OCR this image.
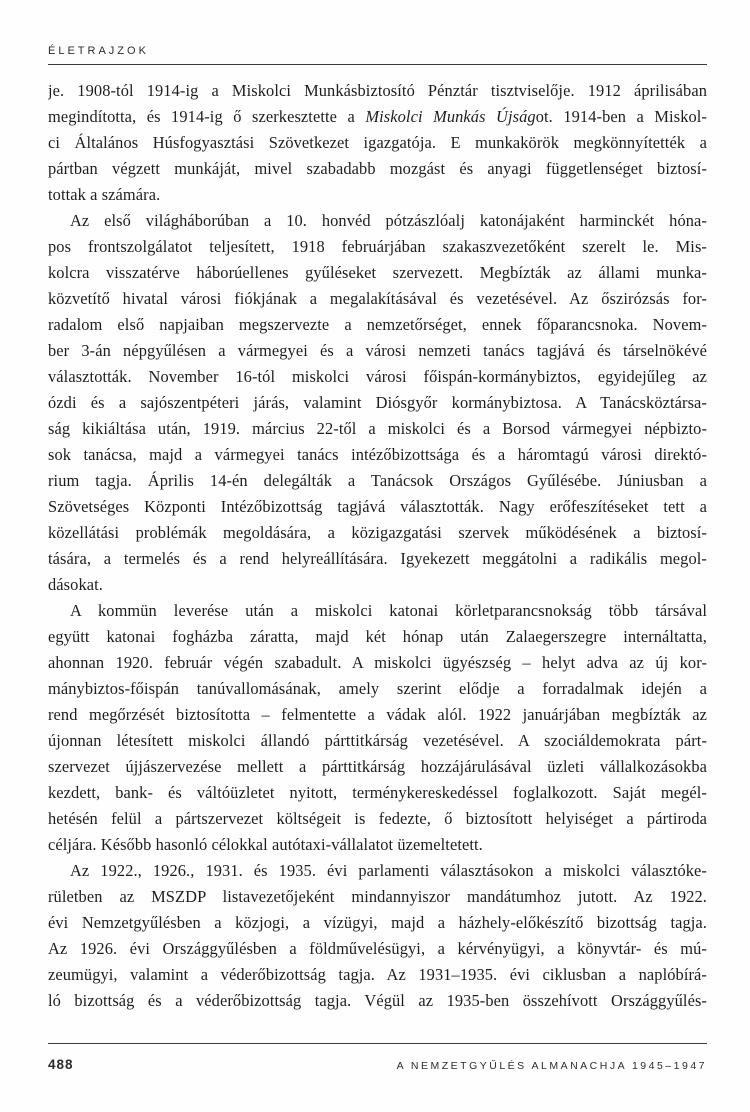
ÉLETRAJZOK
je. 1908-tól 1914-ig a Miskolci Munkásbiztosító Pénztár tisztviselője. 1912 áprilisában
megindította, és 1914-ig ő szerkesztette a Miskolci Munkás Újságot. 1914-ben a Miskol-
ci Általános Húsfogyasztási Szövetkezet igazgatója. E munkakörök megkönnyítették a
pártban végzett munkáját, mivel szabadabb mozgást és anyagi függetlenséget biztosí-
tottak a számára.
Az első világháborúban a 10. honvéd pótzászlóalj katonájaként harminckét hóna-
pos frontszolgálatot teljesített, 1918 februárjában szakaszvezetőként szerelt le. Mis-
kolcra visszatérve háborúellenes gyűléseket szervezett. Megbízták az állami munka-
közvetítő hivatal városi fiókjának a megalakításával és vezetésével. Az őszirózsás for-
radalom első napjaiban megszervezte a nemzetőrséget, ennek főparancsnoka. Novem-
ber 3-án népgyűlésen a vármegyei és a városi nemzeti tanács tagjává és társelnökévé
választották. November 16-tól miskolci városi főispán-kormánybiztos, egyidejűleg az
ózdi és a sajószentpéteri járás, valamint Diósgyőr kormánybiztosa. A Tanácsköztársa-
ság kikiáltása után, 1919. március 22-től a miskolci és a Borsod vármegyei népbizto-
sok tanácsa, majd a vármegyei tanács intézőbizottsága és a háromtagú városi direktó-
rium tagja. Április 14-én delegálták a Tanácsok Országos Gyűlésébe. Júniusban a
Szövetséges Központi Intézőbizottság tagjává választották. Nagy erőfeszítéseket tett a
közellátási problémák megoldására, a közigazgatási szervek működésének a biztosí-
tására, a termelés és a rend helyreállítására. Igyekezett meggátolni a radikális megol-
dásokat.
A kommün leverése után a miskolci katonai körletparancsnokság több társával
együtt katonai fogházba záratta, majd két hónap után Zalaegerszegre internáltatta,
ahonnan 1920. február végén szabadult. A miskolci ügyészség – helyt adva az új kor-
mánybiztos-főispán tanúvallomásának, amely szerint elődje a forradalmak idején a
rend megőrzését biztosította – felmentette a vádak alól. 1922 januárjában megbízták az
újonnan létesített miskolci állandó párttitkárság vezetésével. A szociáldemokrata párt-
szervezet újjászervezése mellett a párttitkárság hozzájárulásával üzleti vállalkozásokba
kezdett, bank- és váltóüzletet nyitott, terménykereskedéssel foglalkozott. Saját megél-
hetésén felül a pártszervezet költségeit is fedezte, ő biztosított helyiséget a pártiroda
céljára. Később hasonló célokkal autótaxi-vállalatot üzemeltetett.
Az 1922., 1926., 1931. és 1935. évi parlamenti választásokon a miskolci választóke-
rületben az MSZDP listavezetőjeként mindannyiszor mandátumhoz jutott. Az 1922.
évi Nemzetgyűlésben a közjogi, a vízügyi, majd a házhely-előkészítő bizottság tagja.
Az 1926. évi Országgyűlésben a földművelésügyi, a kérvényügyi, a könyvtár- és mú-
zeumügyi, valamint a véderőbizottság tagja. Az 1931–1935. évi ciklusban a naplóbírá-
ló bizottság és a véderőbizottság tagja. Végül az 1935-ben összehívott Országgyűlés-
488	A NEMZETGYŰLÉS ALMANACHJA 1945–1947
